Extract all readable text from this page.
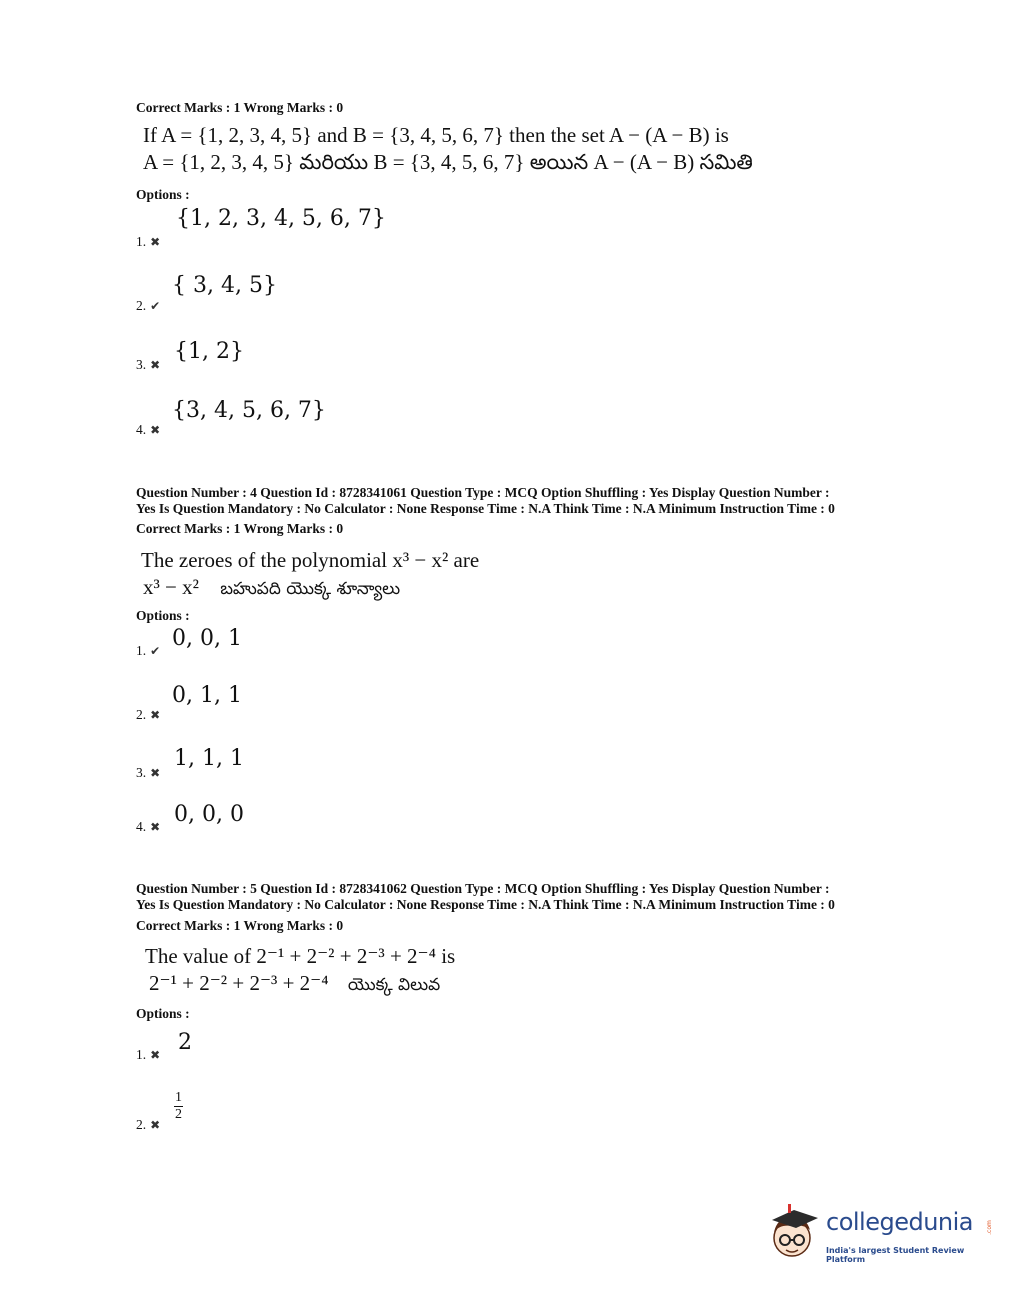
Correct Marks : 1 Wrong Marks : 0
If A = {1, 2, 3, 4, 5} and B = {3, 4, 5, 6, 7} then the set A − (A − B) is
A = {1, 2, 3, 4, 5} మరియు B = {3, 4, 5, 6, 7} అయిన A − (A − B) సమితి
Options :
1. ✖
{1, 2, 3, 4, 5, 6, 7}
2. ✔
{ 3, 4, 5}
3. ✖
{1, 2}
4. ✖
{3, 4, 5, 6, 7}
Question Number : 4 Question Id : 8728341061 Question Type : MCQ Option Shuffling : Yes Display Question Number :
Yes Is Question Mandatory : No Calculator : None Response Time : N.A Think Time : N.A Minimum Instruction Time : 0
Correct Marks : 1 Wrong Marks : 0
The zeroes of the polynomial x³ − x² are
x³ − x² బహుపది యొక్క శూన్యాలు
Options :
1. ✔ 0, 0, 1
2. ✖
0, 1, 1
3. ✖
1, 1, 1
4. ✖ 0, 0, 0
Question Number : 5 Question Id : 8728341062 Question Type : MCQ Option Shuffling : Yes Display Question Number :
Yes Is Question Mandatory : No Calculator : None Response Time : N.A Think Time : N.A Minimum Instruction Time : 0
Correct Marks : 1 Wrong Marks : 0
The value of 2⁻¹ + 2⁻² + 2⁻³ + 2⁻⁴ is
2⁻¹ + 2⁻² + 2⁻³ + 2⁻⁴ యొక్క విలువ
Options :
1. ✖ 2
2. ✖
$\frac{1}{2}$
collegedunia .com
India's largest Student Review Platform
